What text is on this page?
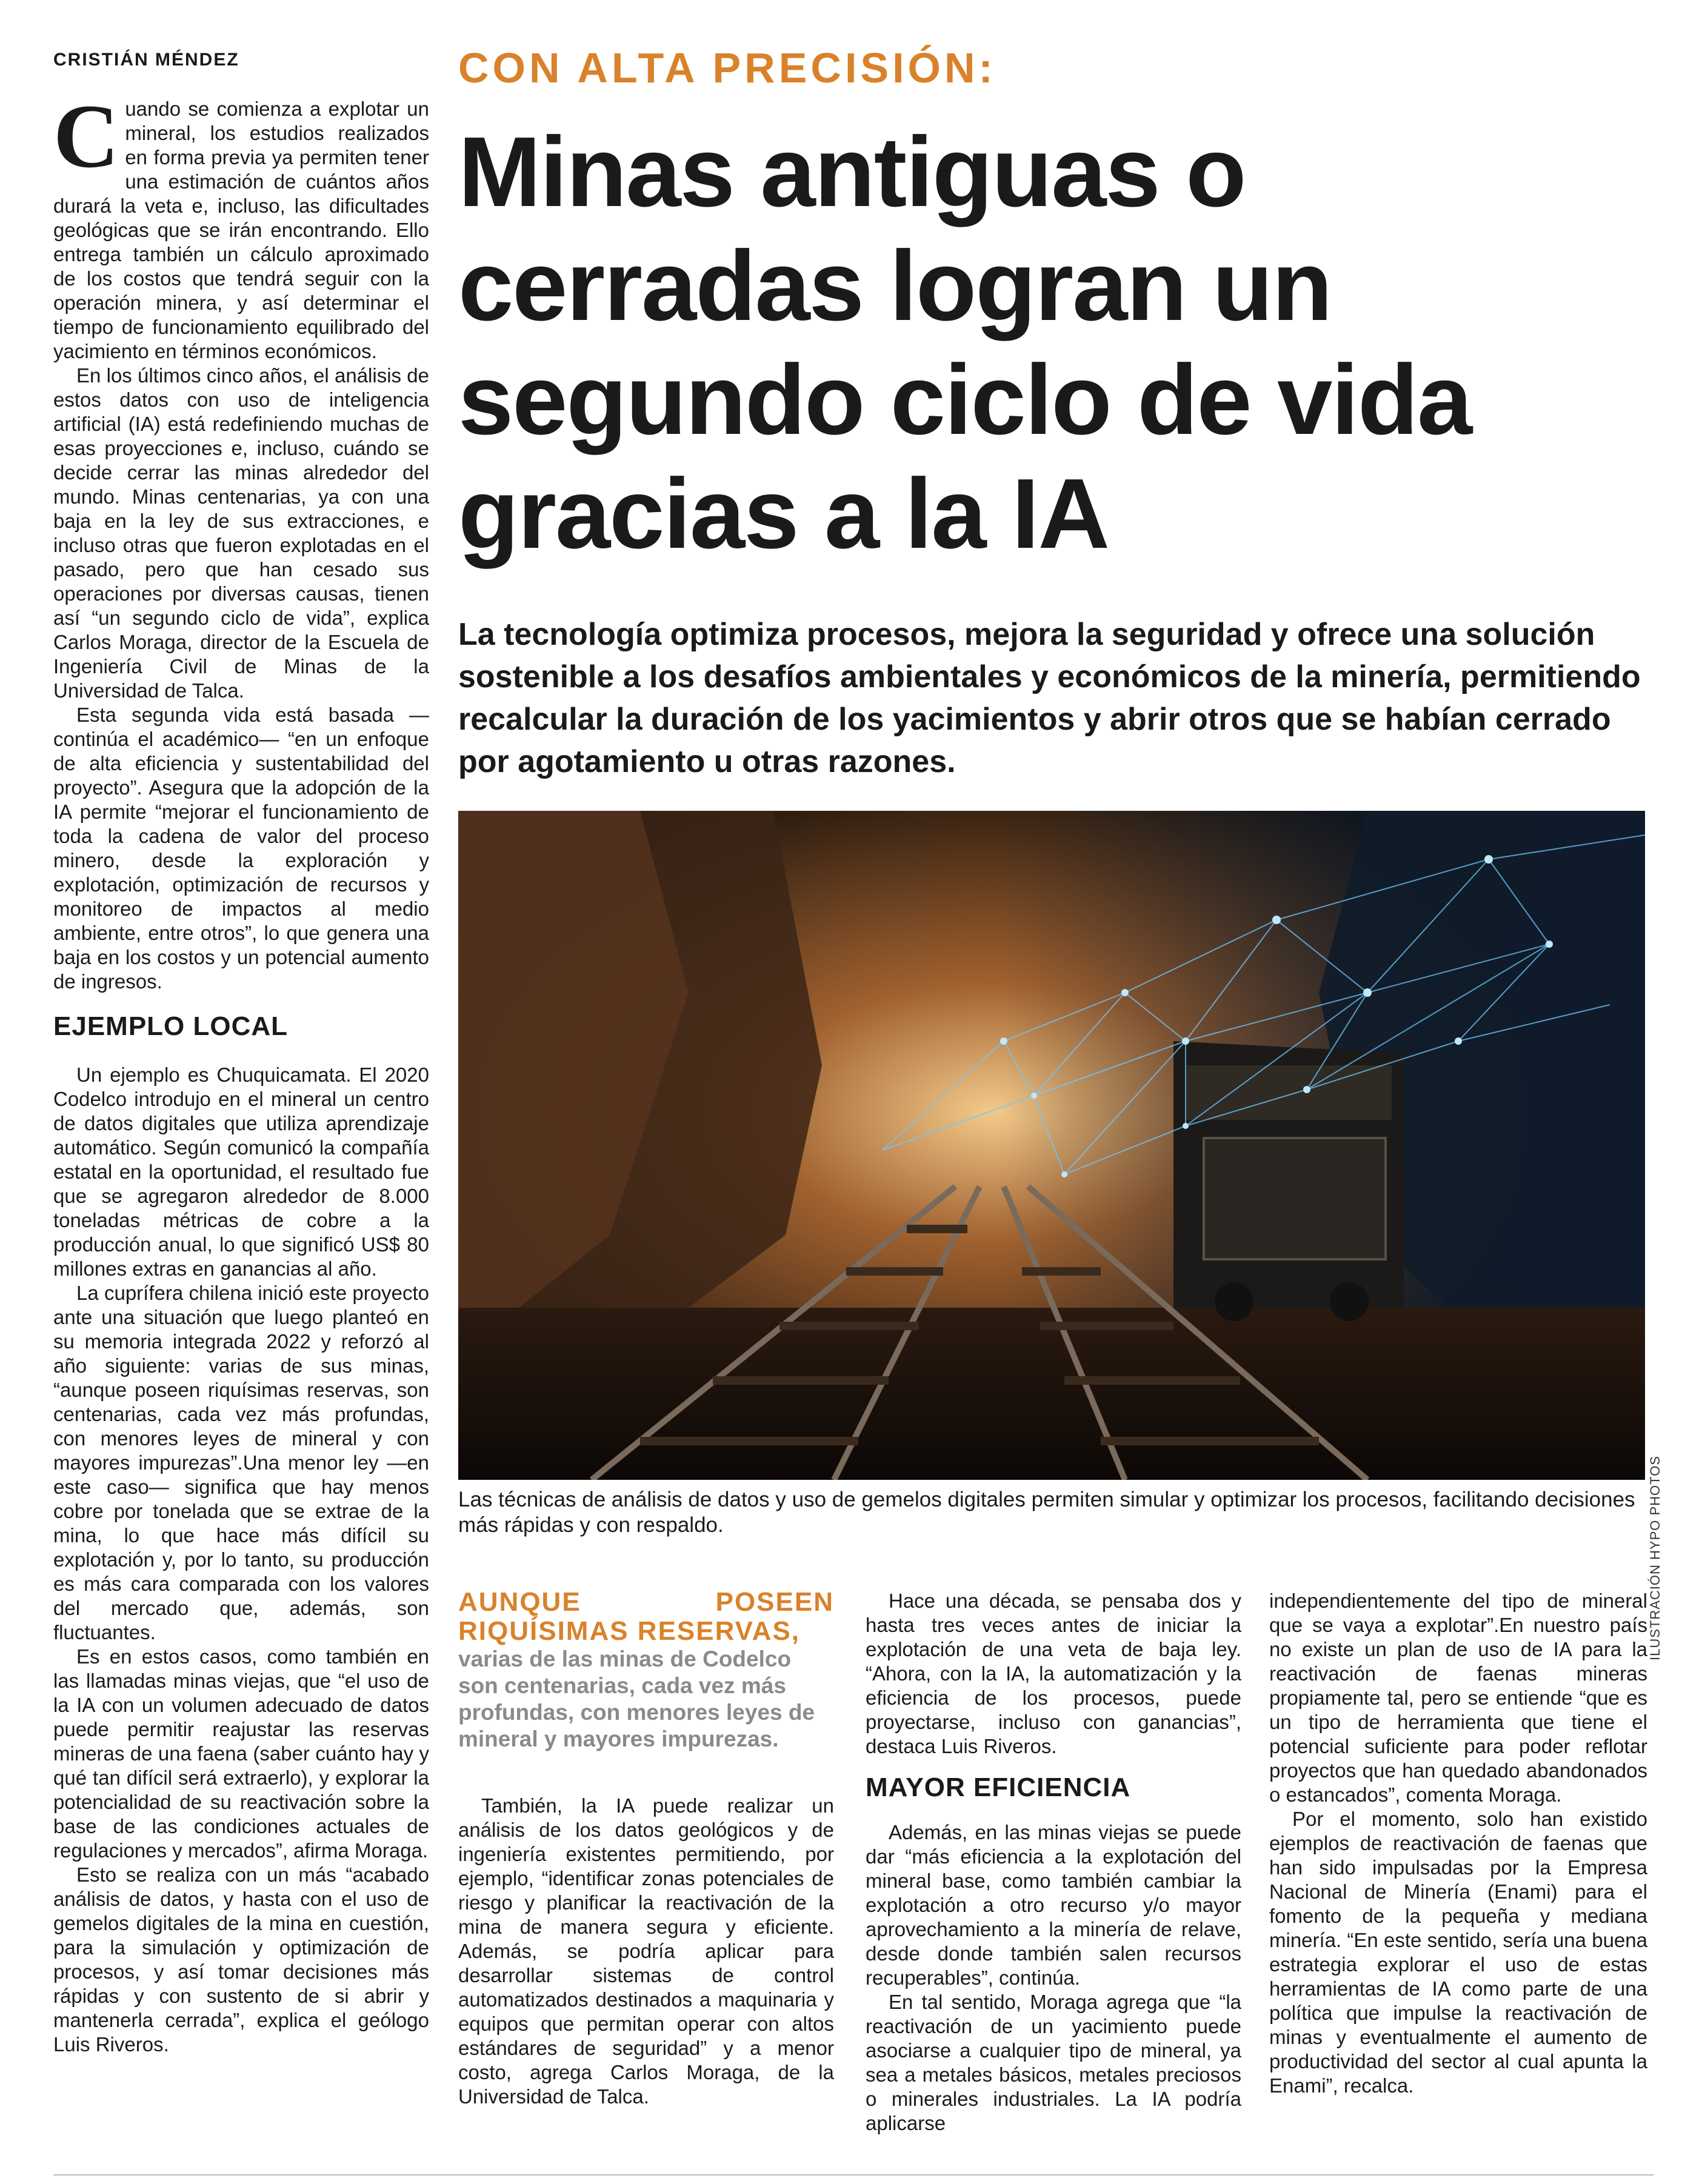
CRISTIÁN MÉNDEZ

Cuando se comienza a explotar un mineral, los estudios realizados en forma previa ya permiten tener una estimación de cuántos años durará la veta e, incluso, las dificultades geológicas que se irán encontrando. Ello entrega también un cálculo aproximado de los costos que tendrá seguir con la operación minera, y así determinar el tiempo de funcionamiento equilibrado del yacimiento en términos económicos.

En los últimos cinco años, el análisis de estos datos con uso de inteligencia artificial (IA) está redefiniendo muchas de esas proyecciones e, incluso, cuándo se decide cerrar las minas alrededor del mundo. Minas centenarias, ya con una baja en la ley de sus extracciones, e incluso otras que fueron explotadas en el pasado, pero que han cesado sus operaciones por diversas causas, tienen así “un segundo ciclo de vida”, explica Carlos Moraga, director de la Escuela de Ingeniería Civil de Minas de la Universidad de Talca.

Esta segunda vida está basada —continúa el académico— “en un enfoque de alta eficiencia y sustentabilidad del proyecto”. Asegura que la adopción de la IA permite “mejorar el funcionamiento de toda la cadena de valor del proceso minero, desde la exploración y explotación, optimización de recursos y monitoreo de impactos al medio ambiente, entre otros”, lo que genera una baja en los costos y un potencial aumento de ingresos.

EJEMPLO LOCAL

Un ejemplo es Chuquicamata. El 2020 Codelco introdujo en el mineral un centro de datos digitales que utiliza aprendizaje automático. Según comunicó la compañía estatal en la oportunidad, el resultado fue que se agregaron alrededor de 8.000 toneladas métricas de cobre a la producción anual, lo que significó US$ 80 millones extras en ganancias al año.

La cuprífera chilena inició este proyecto ante una situación que luego planteó en su memoria integrada 2022 y reforzó al año siguiente: varias de sus minas, “aunque poseen riquísimas reservas, son centenarias, cada vez más profundas, con menores leyes de mineral y con mayores impurezas”.Una menor ley —en este caso— significa que hay menos cobre por tonelada que se extrae de la mina, lo que hace más difícil su explotación y, por lo tanto, su producción es más cara comparada con los valores del mercado que, además, son fluctuantes.

Es en estos casos, como también en las llamadas minas viejas, que “el uso de la IA con un volumen adecuado de datos puede permitir reajustar las reservas mineras de una faena (saber cuánto hay y qué tan difícil será extraerlo), y explorar la potencialidad de su reactivación sobre la base de las condiciones actuales de regulaciones y mercados”, afirma Moraga.

Esto se realiza con un más “acabado análisis de datos, y hasta con el uso de gemelos digitales de la mina en cuestión, para la simulación y optimización de procesos, y así tomar decisiones más rápidas y con sustento de si abrir y mantenerla cerrada”, explica el geólogo Luis Riveros.

CON ALTA PRECISIÓN:
Minas antiguas o cerradas logran un segundo ciclo de vida gracias a la IA
La tecnología optimiza procesos, mejora la seguridad y ofrece una solución sostenible a los desafíos ambientales y económicos de la minería, permitiendo recalcular la duración de los yacimientos y abrir otros que se habían cerrado por agotamiento u otras razones.
ILUSTRACIÓN HYPO PHOTOS
Las técnicas de análisis de datos y uso de gemelos digitales permiten simular y optimizar los procesos, facilitando decisiones más rápidas y con respaldo.
AUNQUE POSEEN RIQUÍSIMAS RESERVAS,
varias de las minas de Codelco son centenarias, cada vez más profundas, con menores leyes de mineral y mayores impurezas.

También, la IA puede realizar un análisis de los datos geológicos y de ingeniería existentes permitiendo, por ejemplo, “identificar zonas potenciales de riesgo y planificar la reactivación de la mina de manera segura y eficiente. Además, se podría aplicar para desarrollar sistemas de control automatizados destinados a maquinaria y equipos que permitan operar con altos estándares de seguridad” y a menor costo, agrega Carlos Moraga, de la Universidad de Talca.

Hace una década, se pensaba dos y hasta tres veces antes de iniciar la explotación de una veta de baja ley. “Ahora, con la IA, la automatización y la eficiencia de los procesos, puede proyectarse, incluso con ganancias”, destaca Luis Riveros.

MAYOR EFICIENCIA

Además, en las minas viejas se puede dar “más eficiencia a la explotación del mineral base, como también cambiar la explotación a otro recurso y/o mayor aprovechamiento a la minería de relave, desde donde también salen recursos recuperables”, continúa.

En tal sentido, Moraga agrega que “la reactivación de un yacimiento puede asociarse a cualquier tipo de mineral, ya sea a metales básicos, metales preciosos o minerales industriales. La IA podría aplicarse

independientemente del tipo de mineral que se vaya a explotar”.En nuestro país no existe un plan de uso de IA para la reactivación de faenas mineras propiamente tal, pero se entiende “que es un tipo de herramienta que tiene el potencial suficiente para poder reflotar proyectos que han quedado abandonados o estancados”, comenta Moraga.

Por el momento, solo han existido ejemplos de reactivación de faenas que han sido impulsadas por la Empresa Nacional de Minería (Enami) para el fomento de la pequeña y mediana minería. “En este sentido, sería una buena estrategia explorar el uso de estas herramientas de IA como parte de una política que impulse la reactivación de minas y eventualmente el aumento de productividad del sector al cual apunta la Enami”, recalca.
